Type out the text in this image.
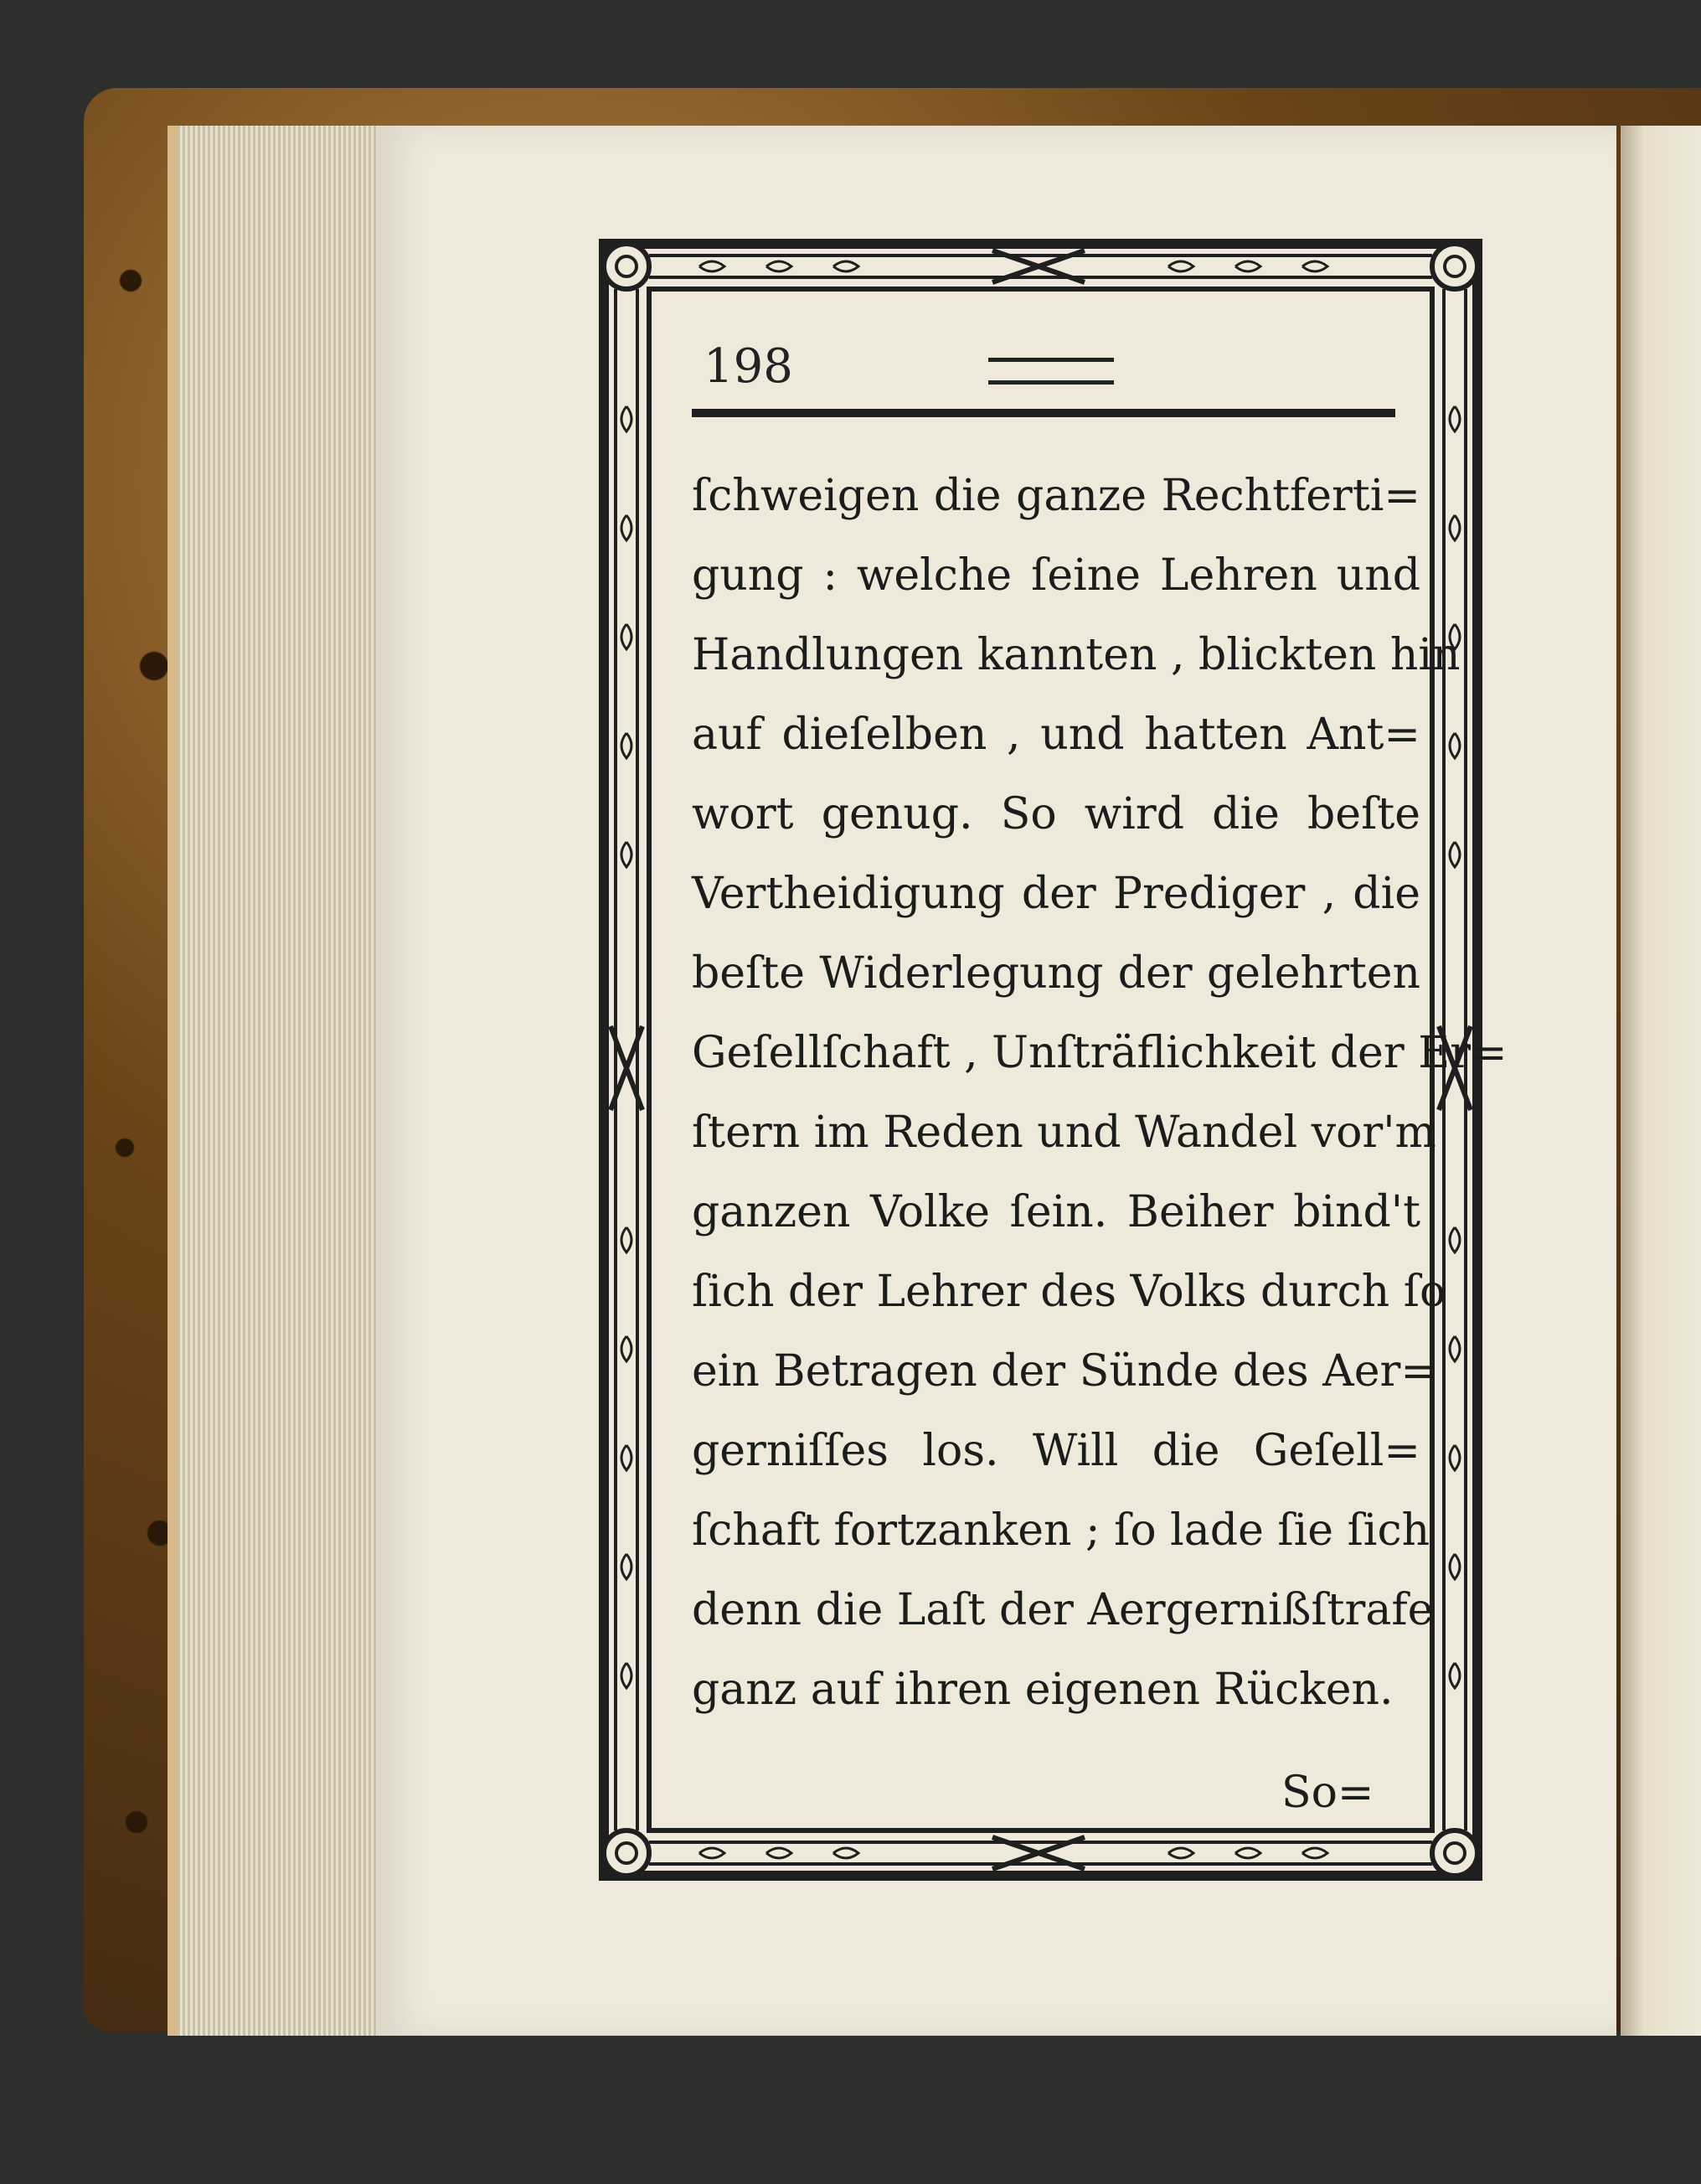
198
ſchweigen die ganze Rechtferti=
gung : welche ſeine Lehren und
Handlungen kannten , blickten hin
auf dieſelben , und hatten Ant=
wort genug. So wird die beſte
Vertheidigung der Prediger , die
beſte Widerlegung der gelehrten
Geſellſchaft , Unſträflichkeit der Er=
ſtern im Reden und Wandel vor'm
ganzen Volke ſein. Beiher bind't
ſich der Lehrer des Volks durch ſo
ein Betragen der Sünde des Aer=
gerniſſes los. Will die Geſell=
ſchaft fortzanken ; ſo lade ſie ſich
denn die Laſt der Aergernißſtrafe
ganz auf ihren eigenen Rücken.
So=
